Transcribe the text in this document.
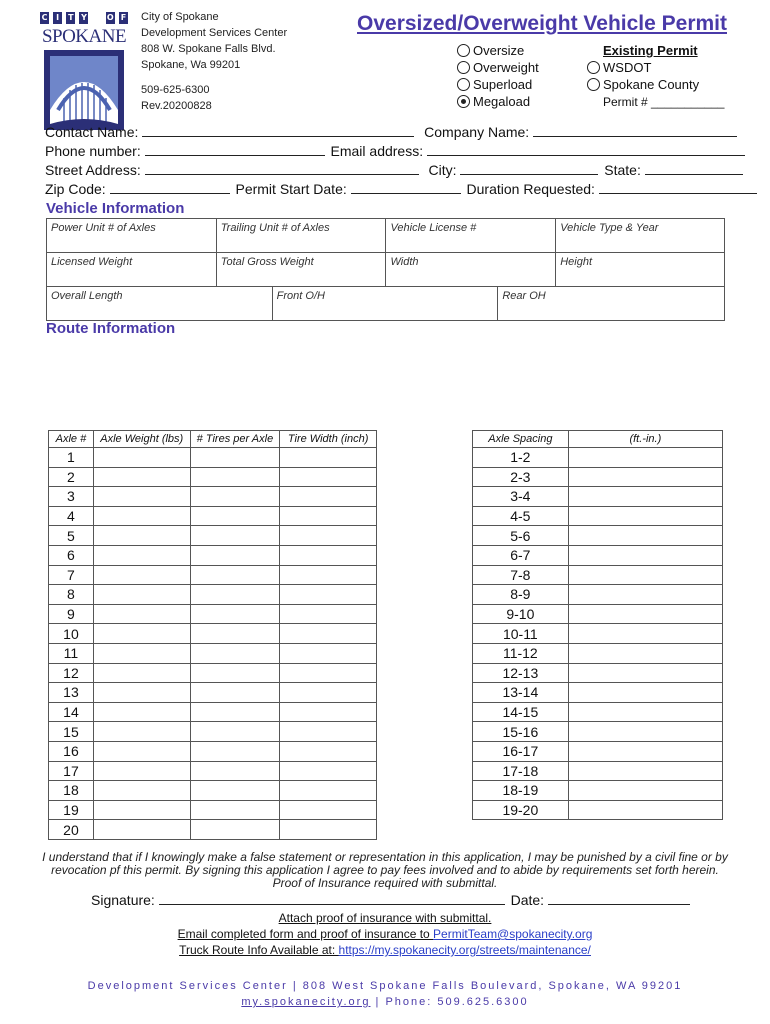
C	I	T Y	O F
SPOKANE
City of Spokane
Development Services Center
808 W. Spokane Falls Blvd.
Spokane, Wa 99201
509-625-6300
Rev.20200828
Oversized/Overweight Vehicle Permit
Oversize
Overweight
Superload
Megaload
Existing Permit
WSDOT
Spokane County
Permit # ___________
Contact Name:	Company Name:
Phone number:	Email address:
Street Address:	City:	State:
Zip Code:	Permit Start Date:	Duration Requested:
Vehicle Information
Power Unit # of Axles	Trailing Unit # of Axles	Vehicle License #	Vehicle Type & Year
Licensed Weight	Total Gross Weight	Width	Height
Overall Length	Front O/H	Rear OH
Route Information
Axle #	Axle Weight (lbs)	# Tires per Axle	Tire Width (inch)
1			
2			
3			
4			
5			
6			
7			
8			
9			
10			
11			
12			
13			
14			
15			
16			
17			
18			
19			
20			
Axle Spacing	(ft.-in.)
1-2	
2-3	
3-4	
4-5	
5-6	
6-7	
7-8	
8-9	
9-10	
10-11	
11-12	
12-13	
13-14	
14-15	
15-16	
16-17	
17-18	
18-19	
19-20	
I understand that if I knowingly make a false statement or representation in this application, I may be punished by a civil fine or by
revocation pf this permit. By signing this application I agree to pay fees involved and to abide by requirements set forth herein.
Proof of Insurance required with submittal.
Signature:	Date:
Attach proof of insurance with submittal.
Email completed form and proof of insurance to PermitTeam@spokanecity.org
Truck Route Info Available at: https://my.spokanecity.org/streets/maintenance/
Development Services Center | 808 West Spokane Falls Boulevard, Spokane, WA 99201
my.spokanecity.org | Phone: 509.625.6300
